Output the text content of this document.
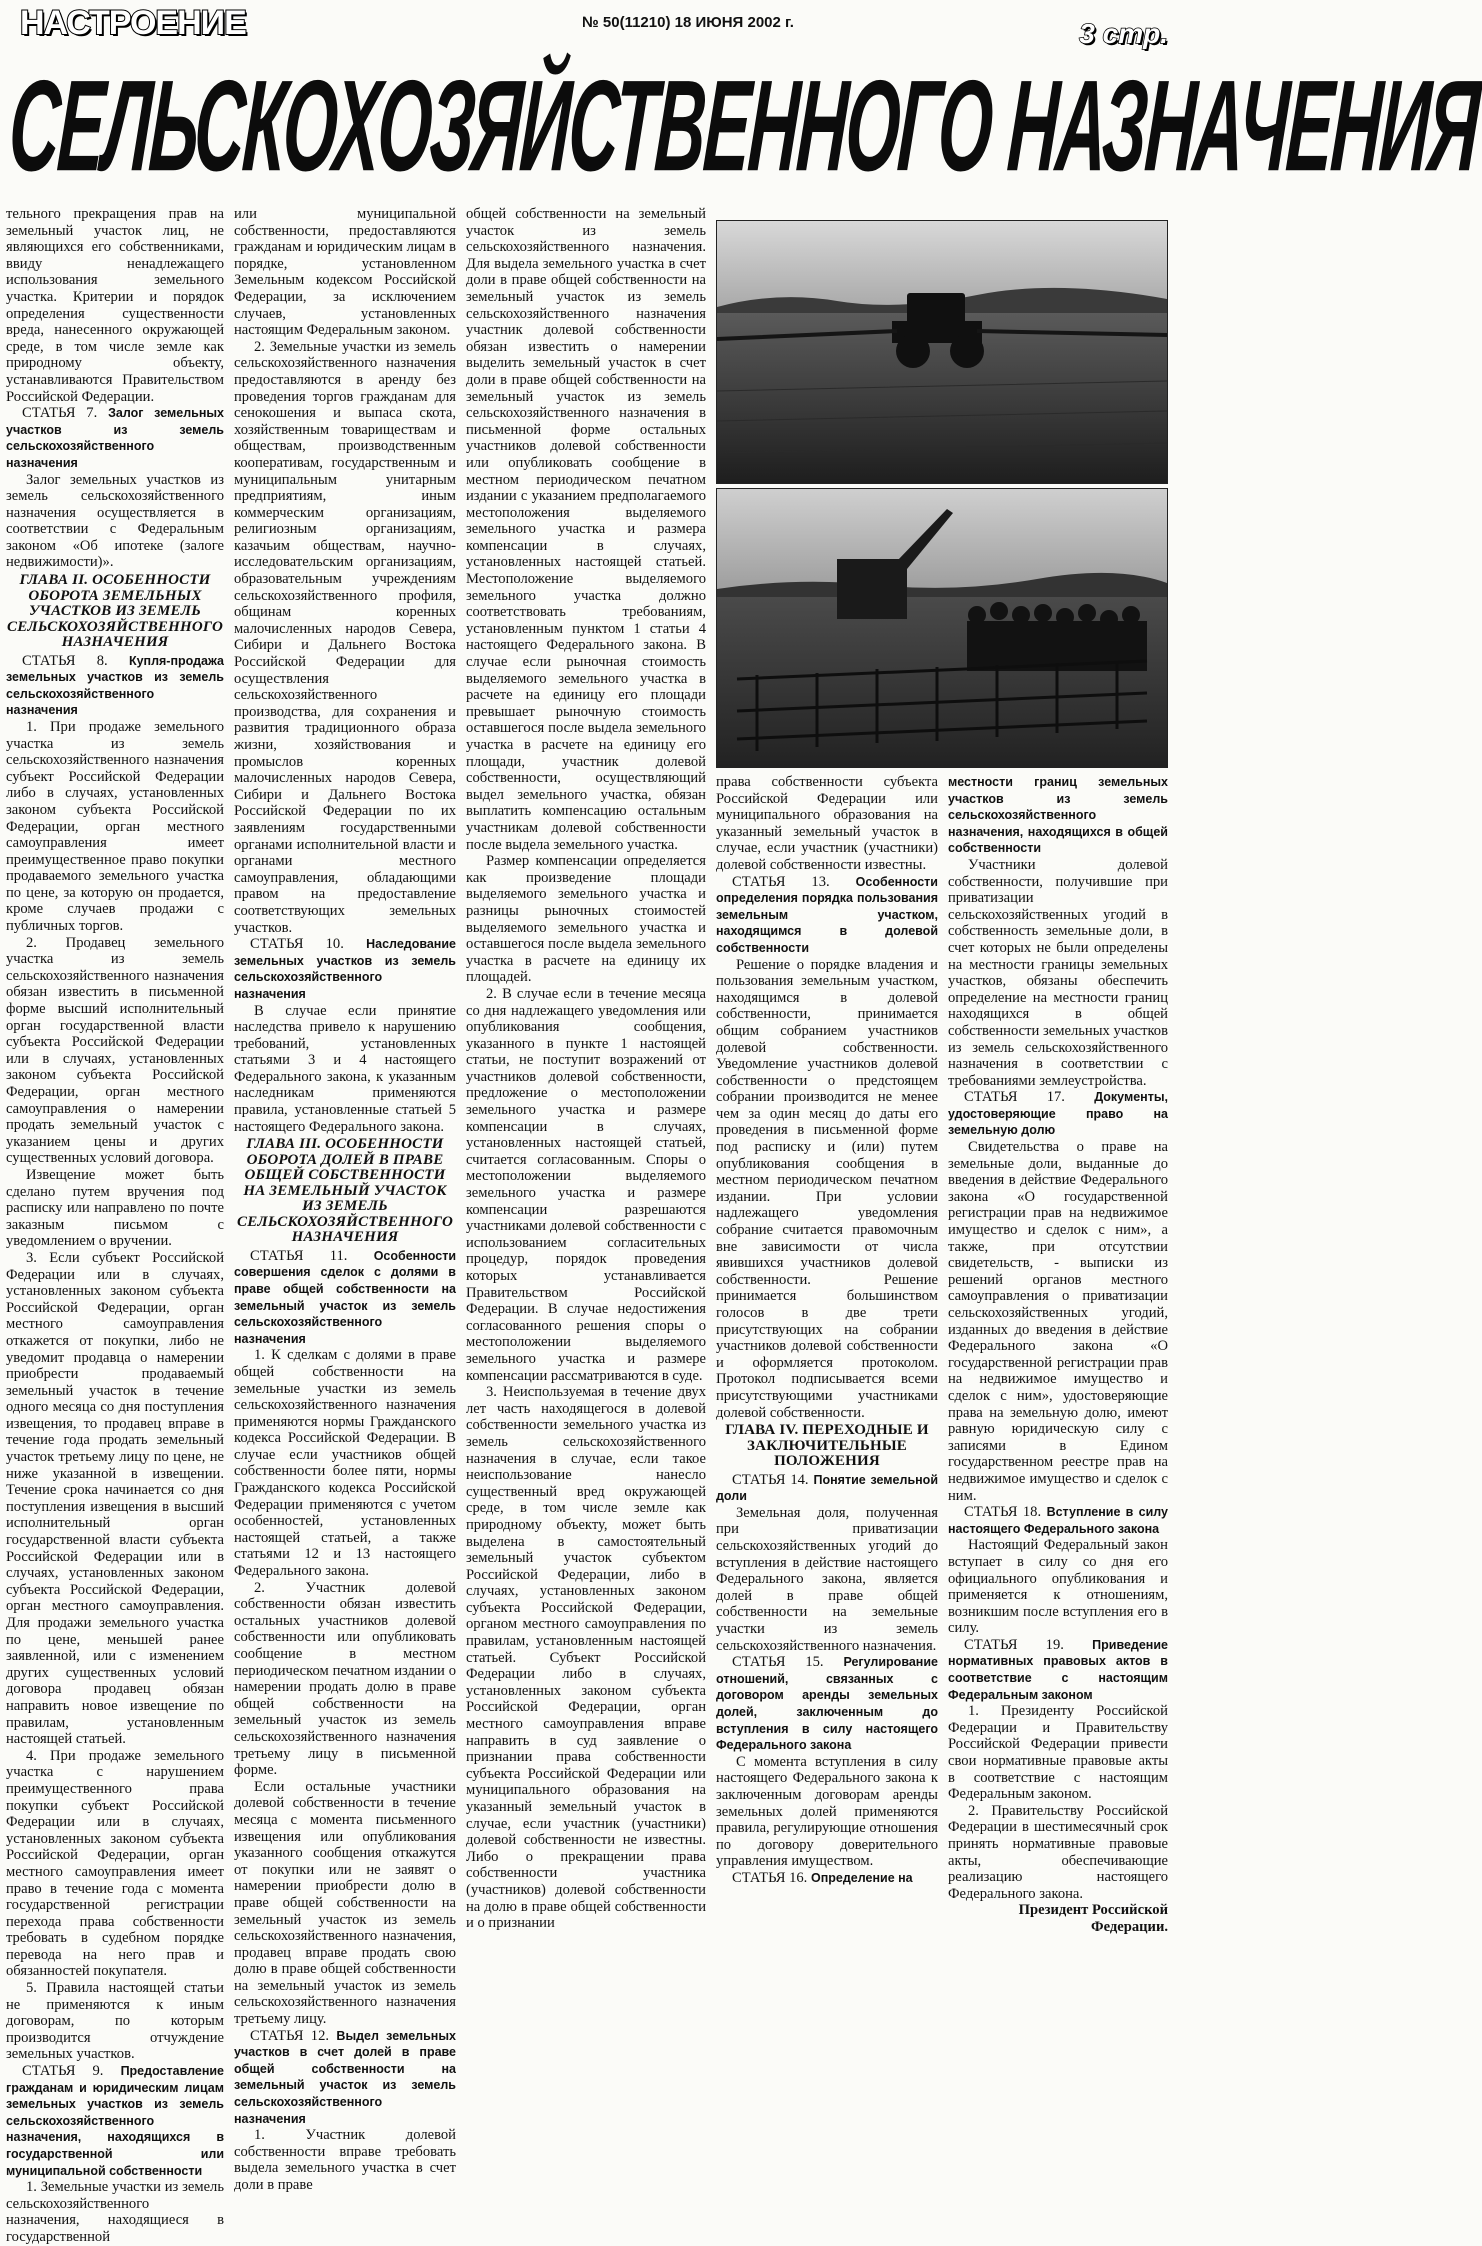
НАСТРОЕНИЕ	№ 50(11210) 18 ИЮНЯ 2002 г.	3 стр.
СЕЛЬСКОХОЗЯЙСТВЕННОГО НАЗНАЧЕНИЯ

тельного прекращения прав на земельный участок лиц, не являющихся его собственниками, ввиду ненадлежащего использования земельного участка. Критерии и порядок определения существенности вреда, нанесенного окружающей среде, в том числе земле как природному объекту, устанавливаются Правительством Российской Федерации.

СТАТЬЯ 7. Залог земельных участков из земель сельскохозяйственного назначения

Залог земельных участков из земель сельскохозяйственного назначения осуществляется в соответствии с Федеральным законом «Об ипотеке (залоге недвижимости)».

ГЛАВА II. ОСОБЕННОСТИ ОБОРОТА ЗЕМЕЛЬНЫХ УЧАСТКОВ ИЗ ЗЕМЕЛЬ СЕЛЬСКОХОЗЯЙСТВЕННОГО НАЗНАЧЕНИЯ

СТАТЬЯ 8. Купля-продажа земельных участков из земель сельскохозяйственного назначения

1. При продаже земельного участка из земель сельскохозяйственного назначения субъект Российской Федерации либо в случаях, установленных законом субъекта Российской Федерации, орган местного самоуправления имеет преимущественное право покупки продаваемого земельного участка по цене, за которую он продается, кроме случаев продажи с публичных торгов.

2. Продавец земельного участка из земель сельскохозяйственного назначения обязан известить в письменной форме высший исполнительный орган государственной власти субъекта Российской Федерации или в случаях, установленных законом субъекта Российской Федерации, орган местного самоуправления о намерении продать земельный участок с указанием цены и других существенных условий договора.

Извещение может быть сделано путем вручения под расписку или направлено по почте заказным письмом с уведомлением о вручении.

3. Если субъект Российской Федерации или в случаях, установленных законом субъекта Российской Федерации, орган местного самоуправления откажется от покупки, либо не уведомит продавца о намерении приобрести продаваемый земельный участок в течение одного месяца со дня поступления извещения, то продавец вправе в течение года продать земельный участок третьему лицу по цене, не ниже указанной в извещении. Течение срока начинается со дня поступления извещения в высший исполнительный орган государственной власти субъекта Российской Федерации или в случаях, установленных законом субъекта Российской Федерации, орган местного самоуправления. Для продажи земельного участка по цене, меньшей ранее заявленной, или с изменением других существенных условий договора продавец обязан направить новое извещение по правилам, установленным настоящей статьей.

4. При продаже земельного участка с нарушением преимущественного права покупки субъект Российской Федерации или в случаях, установленных законом субъекта Российской Федерации, орган местного самоуправления имеет право в течение года с момента государственной регистрации перехода права собственности требовать в судебном порядке перевода на него прав и обязанностей покупателя.

5. Правила настоящей статьи не применяются к иным договорам, по которым производится отчуждение земельных участков.

СТАТЬЯ 9. Предоставление гражданам и юридическим лицам земельных участков из земель сельскохозяйственного назначения, находящихся в государственной или муниципальной собственности

1. Земельные участки из земель сельскохозяйственного назначения, находящиеся в государственной

или муниципальной собственности, предоставляются гражданам и юридическим лицам в порядке, установленном Земельным кодексом Российской Федерации, за исключением случаев, установленных настоящим Федеральным законом.

2. Земельные участки из земель сельскохозяйственного назначения предоставляются в аренду без проведения торгов гражданам для сенокошения и выпаса скота, хозяйственным товариществам и обществам, производственным кооперативам, государственным и муниципальным унитарным предприятиям, иным коммерческим организациям, религиозным организациям, казачьим обществам, научно-исследовательским организациям, образовательным учреждениям сельскохозяйственного профиля, общинам коренных малочисленных народов Севера, Сибири и Дальнего Востока Российской Федерации для осуществления сельскохозяйственного производства, для сохранения и развития традиционного образа жизни, хозяйствования и промыслов коренных малочисленных народов Севера, Сибири и Дальнего Востока Российской Федерации по их заявлениям государственными органами исполнительной власти и органами местного самоуправления, обладающими правом на предоставление соответствующих земельных участков.

СТАТЬЯ 10. Наследование земельных участков из земель сельскохозяйственного назначения

В случае если принятие наследства привело к нарушению требований, установленных статьями 3 и 4 настоящего Федерального закона, к указанным наследникам применяются правила, установленные статьей 5 настоящего Федерального закона.

ГЛАВА III. ОСОБЕННОСТИ ОБОРОТА ДОЛЕЙ В ПРАВЕ ОБЩЕЙ СОБСТВЕННОСТИ НА ЗЕМЕЛЬНЫЙ УЧАСТОК ИЗ ЗЕМЕЛЬ СЕЛЬСКОХОЗЯЙСТВЕННОГО НАЗНАЧЕНИЯ

СТАТЬЯ 11. Особенности совершения сделок с долями в праве общей собственности на земельный участок из земель сельскохозяйственного назначения

1. К сделкам с долями в праве общей собственности на земельные участки из земель сельскохозяйственного назначения применяются нормы Гражданского кодекса Российской Федерации. В случае если участников общей собственности более пяти, нормы Гражданского кодекса Российской Федерации применяются с учетом особенностей, установленных настоящей статьей, а также статьями 12 и 13 настоящего Федерального закона.

2. Участник долевой собственности обязан известить остальных участников долевой собственности или опубликовать сообщение в местном периодическом печатном издании о намерении продать долю в праве общей собственности на земельный участок из земель сельскохозяйственного назначения третьему лицу в письменной форме.

Если остальные участники долевой собственности в течение месяца с момента письменного извещения или опубликования указанного сообщения откажутся от покупки или не заявят о намерении приобрести долю в праве общей собственности на земельный участок из земель сельскохозяйственного назначения, продавец вправе продать свою долю в праве общей собственности на земельный участок из земель сельскохозяйственного назначения третьему лицу.

СТАТЬЯ 12. Выдел земельных участков в счет долей в праве общей собственности на земельный участок из земель сельскохозяйственного назначения

1. Участник долевой собственности вправе требовать выдела земельного участка в счет доли в праве

общей собственности на земельный участок из земель сельскохозяйственного назначения. Для выдела земельного участка в счет доли в праве общей собственности на земельный участок из земель сельскохозяйственного назначения участник долевой собственности обязан известить о намерении выделить земельный участок в счет доли в праве общей собственности на земельный участок из земель сельскохозяйственного назначения в письменной форме остальных участников долевой собственности или опубликовать сообщение в местном периодическом печатном издании с указанием предполагаемого местоположения выделяемого земельного участка и размера компенсации в случаях, установленных настоящей статьей. Местоположение выделяемого земельного участка должно соответствовать требованиям, установленным пунктом 1 статьи 4 настоящего Федерального закона. В случае если рыночная стоимость выделяемого земельного участка в расчете на единицу его площади превышает рыночную стоимость оставшегося после выдела земельного участка в расчете на единицу его площади, участник долевой собственности, осуществляющий выдел земельного участка, обязан выплатить компенсацию остальным участникам долевой собственности после выдела земельного участка.

Размер компенсации определяется как произведение площади выделяемого земельного участка и разницы рыночных стоимостей выделяемого земельного участка и оставшегося после выдела земельного участка в расчете на единицу их площадей.

2. В случае если в течение месяца со дня надлежащего уведомления или опубликования сообщения, указанного в пункте 1 настоящей статьи, не поступит возражений от участников долевой собственности, предложение о местоположении земельного участка и размере компенсации в случаях, установленных настоящей статьей, считается согласованным. Споры о местоположении выделяемого земельного участка и размере компенсации разрешаются участниками долевой собственности с использованием согласительных процедур, порядок проведения которых устанавливается Правительством Российской Федерации. В случае недостижения согласованного решения споры о местоположении выделяемого земельного участка и размере компенсации рассматриваются в суде.

3. Неиспользуемая в течение двух лет часть находящегося в долевой собственности земельного участка из земель сельскохозяйственного назначения в случае, если такое неиспользование нанесло существенный вред окружающей среде, в том числе земле как природному объекту, может быть выделена в самостоятельный земельный участок субъектом Российской Федерации, либо в случаях, установленных законом субъекта Российской Федерации, органом местного самоуправления по правилам, установленным настоящей статьей. Субъект Российской Федерации либо в случаях, установленных законом субъекта Российской Федерации, орган местного самоуправления вправе направить в суд заявление о признании права собственности субъекта Российской Федерации или муниципального образования на указанный земельный участок в случае, если участник (участники) долевой собственности не известны. Либо о прекращении права собственности участника (участников) долевой собственности на долю в праве общей собственности и о признании

права собственности субъекта Российской Федерации или муниципального образования на указанный земельный участок в случае, если участник (участники) долевой собственности известны.

СТАТЬЯ 13. Особенности определения порядка пользования земельным участком, находящимся в долевой собственности

Решение о порядке владения и пользования земельным участком, находящимся в долевой собственности, принимается общим собранием участников долевой собственности. Уведомление участников долевой собственности о предстоящем собрании производится не менее чем за один месяц до даты его проведения в письменной форме под расписку и (или) путем опубликования сообщения в местном периодическом печатном издании. При условии надлежащего уведомления собрание считается правомочным вне зависимости от числа явившихся участников долевой собственности. Решение принимается большинством голосов в две трети присутствующих на собрании участников долевой собственности и оформляется протоколом. Протокол подписывается всеми присутствующими участниками долевой собственности.

ГЛАВА IV. ПЕРЕХОДНЫЕ И ЗАКЛЮЧИТЕЛЬНЫЕ ПОЛОЖЕНИЯ

СТАТЬЯ 14. Понятие земельной доли

Земельная доля, полученная при приватизации сельскохозяйственных угодий до вступления в действие настоящего Федерального закона, является долей в праве общей собственности на земельные участки из земель сельскохозяйственного назначения.

СТАТЬЯ 15. Регулирование отношений, связанных с договором аренды земельных долей, заключенным до вступления в силу настоящего Федерального закона

С момента вступления в силу настоящего Федерального закона к заключенным договорам аренды земельных долей применяются правила, регулирующие отношения по договору доверительного управления имуществом.

СТАТЬЯ 16. Определение на

местности границ земельных участков из земель сельскохозяйственного назначения, находящихся в общей собственности

Участники долевой собственности, получившие при приватизации сельскохозяйственных угодий в собственность земельные доли, в счет которых не были определены на местности границы земельных участков, обязаны обеспечить определение на местности границ находящихся в общей собственности земельных участков из земель сельскохозяйственного назначения в соответствии с требованиями землеустройства.

СТАТЬЯ 17. Документы, удостоверяющие право на земельную долю

Свидетельства о праве на земельные доли, выданные до введения в действие Федерального закона «О государственной регистрации прав на недвижимое имущество и сделок с ним», а также, при отсутствии свидетельств, - выписки из решений органов местного самоуправления о приватизации сельскохозяйственных угодий, изданных до введения в действие Федерального закона «О государственной регистрации прав на недвижимое имущество и сделок с ним», удостоверяющие права на земельную долю, имеют равную юридическую силу с записями в Едином государственном реестре прав на недвижимое имущество и сделок с ним.

СТАТЬЯ 18. Вступление в силу настоящего Федерального закона

Настоящий Федеральный закон вступает в силу со дня его официального опубликования и применяется к отношениям, возникшим после вступления его в силу.

СТАТЬЯ 19. Приведение нормативных правовых актов в соответствие с настоящим Федеральным законом

1. Президенту Российской Федерации и Правительству Российской Федерации привести свои нормативные правовые акты в соответствие с настоящим Федеральным законом.

2. Правительству Российской Федерации в шестимесячный срок принять нормативные правовые акты, обеспечивающие реализацию настоящего Федерального закона.

Президент Российской Федерации.
